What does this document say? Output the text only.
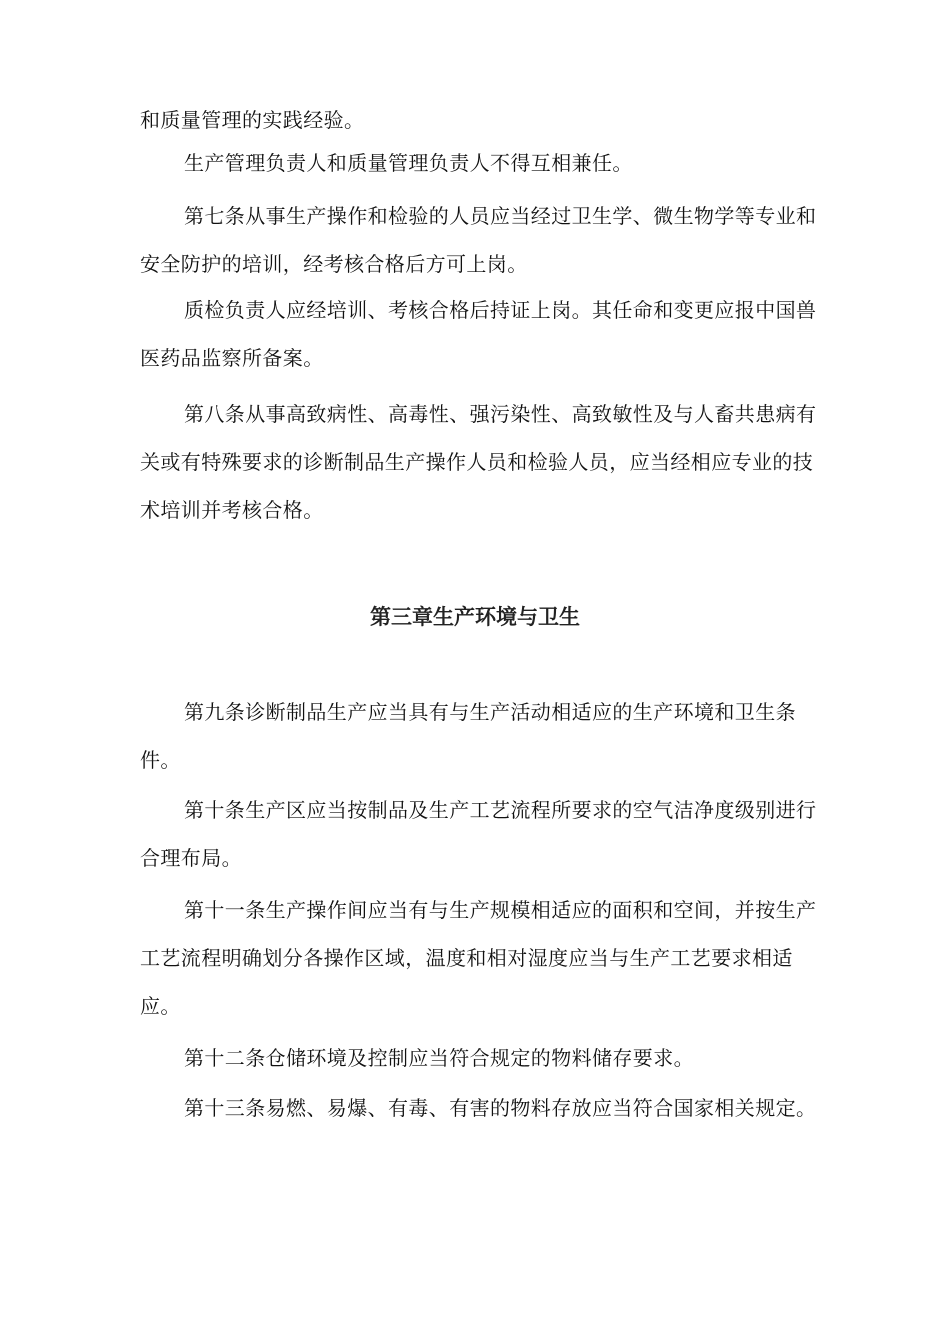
和质量管理的实践经验。

生产管理负责人和质量管理负责人不得互相兼任。

第七条从事生产操作和检验的人员应当经过卫生学、微生物学等专业和安全防护的培训，经考核合格后方可上岗。

质检负责人应经培训、考核合格后持证上岗。其任命和变更应报中国兽医药品监察所备案。

第八条从事高致病性、高毒性、强污染性、高致敏性及与人畜共患病有关或有特殊要求的诊断制品生产操作人员和检验人员，应当经相应专业的技术培训并考核合格。

第三章生产环境与卫生

第九条诊断制品生产应当具有与生产活动相适应的生产环境和卫生条件。

第十条生产区应当按制品及生产工艺流程所要求的空气洁净度级别进行合理布局。

第十一条生产操作间应当有与生产规模相适应的面积和空间，并按生产工艺流程明确划分各操作区域，温度和相对湿度应当与生产工艺要求相适应。

第十二条仓储环境及控制应当符合规定的物料储存要求。

第十三条易燃、易爆、有毒、有害的物料存放应当符合国家相关规定。
